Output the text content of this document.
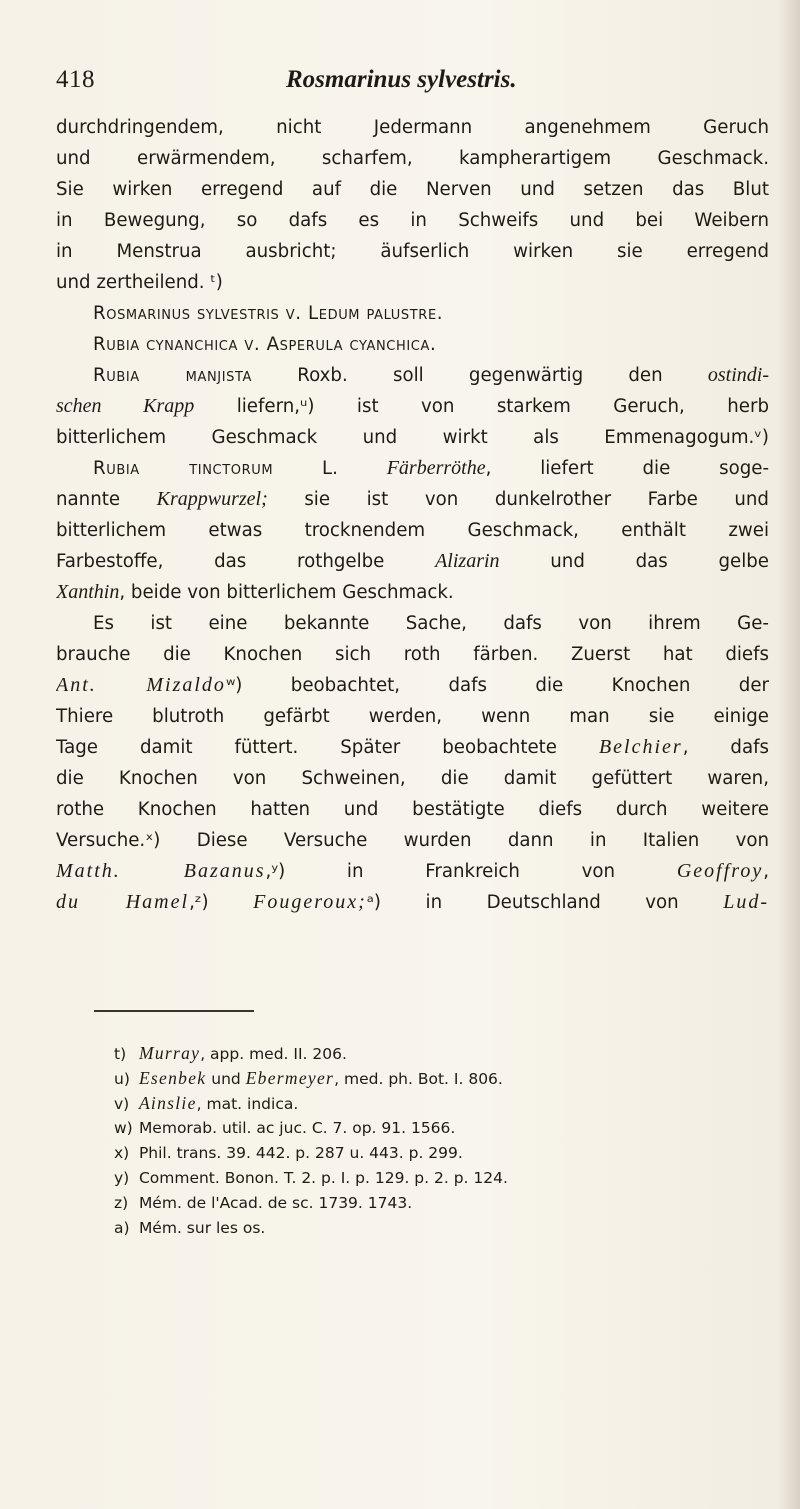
418	Rosmarinus sylvestris.
durchdringendem, nicht Jedermann angenehmem Geruch
und erwärmendem, scharfem, kampherartigem Geschmack.
Sie wirken erregend auf die Nerven und setzen das Blut
in Bewegung, so dafs es in Schweifs und bei Weibern
in Menstrua ausbricht; äufserlich wirken sie erregend
und zertheilend. ᵗ)
Rosmarinus sylvestris v. Ledum palustre.
Rubia cynanchica v. Asperula cyanchica.
Rubia manjista Roxb. soll gegenwärtig den ostindi-
schen Krapp liefern,ᵘ) ist von starkem Geruch, herb
bitterlichem Geschmack und wirkt als Emmenagogum.ᵛ)
Rubia tinctorum L. Färberröthe, liefert die soge-
nannte Krappwurzel; sie ist von dunkelrother Farbe und
bitterlichem etwas trocknendem Geschmack, enthält zwei
Farbestoffe, das rothgelbe Alizarin und das gelbe
Xanthin, beide von bitterlichem Geschmack.
Es ist eine bekannte Sache, dafs von ihrem Ge-
brauche die Knochen sich roth färben. Zuerst hat diefs
Ant. Mizaldoʷ) beobachtet, dafs die Knochen der
Thiere blutroth gefärbt werden, wenn man sie einige
Tage damit füttert. Später beobachtete Belchier, dafs
die Knochen von Schweinen, die damit gefüttert waren,
rothe Knochen hatten und bestätigte diefs durch weitere
Versuche.ˣ) Diese Versuche wurden dann in Italien von
Matth. Bazanus,ʸ) in Frankreich von Geoffroy,
du Hamel,ᶻ) Fougeroux;ᵃ) in Deutschland von Lud-
t) Murray, app. med. II. 206.
u) Esenbek und Ebermeyer, med. ph. Bot. I. 806.
v) Ainslie, mat. indica.
w) Memorab. util. ac juc. C. 7. op. 91. 1566.
x) Phil. trans. 39. 442. p. 287 u. 443. p. 299.
y) Comment. Bonon. T. 2. p. I. p. 129. p. 2. p. 124.
z) Mém. de l'Acad. de sc. 1739. 1743.
a) Mém. sur les os.
